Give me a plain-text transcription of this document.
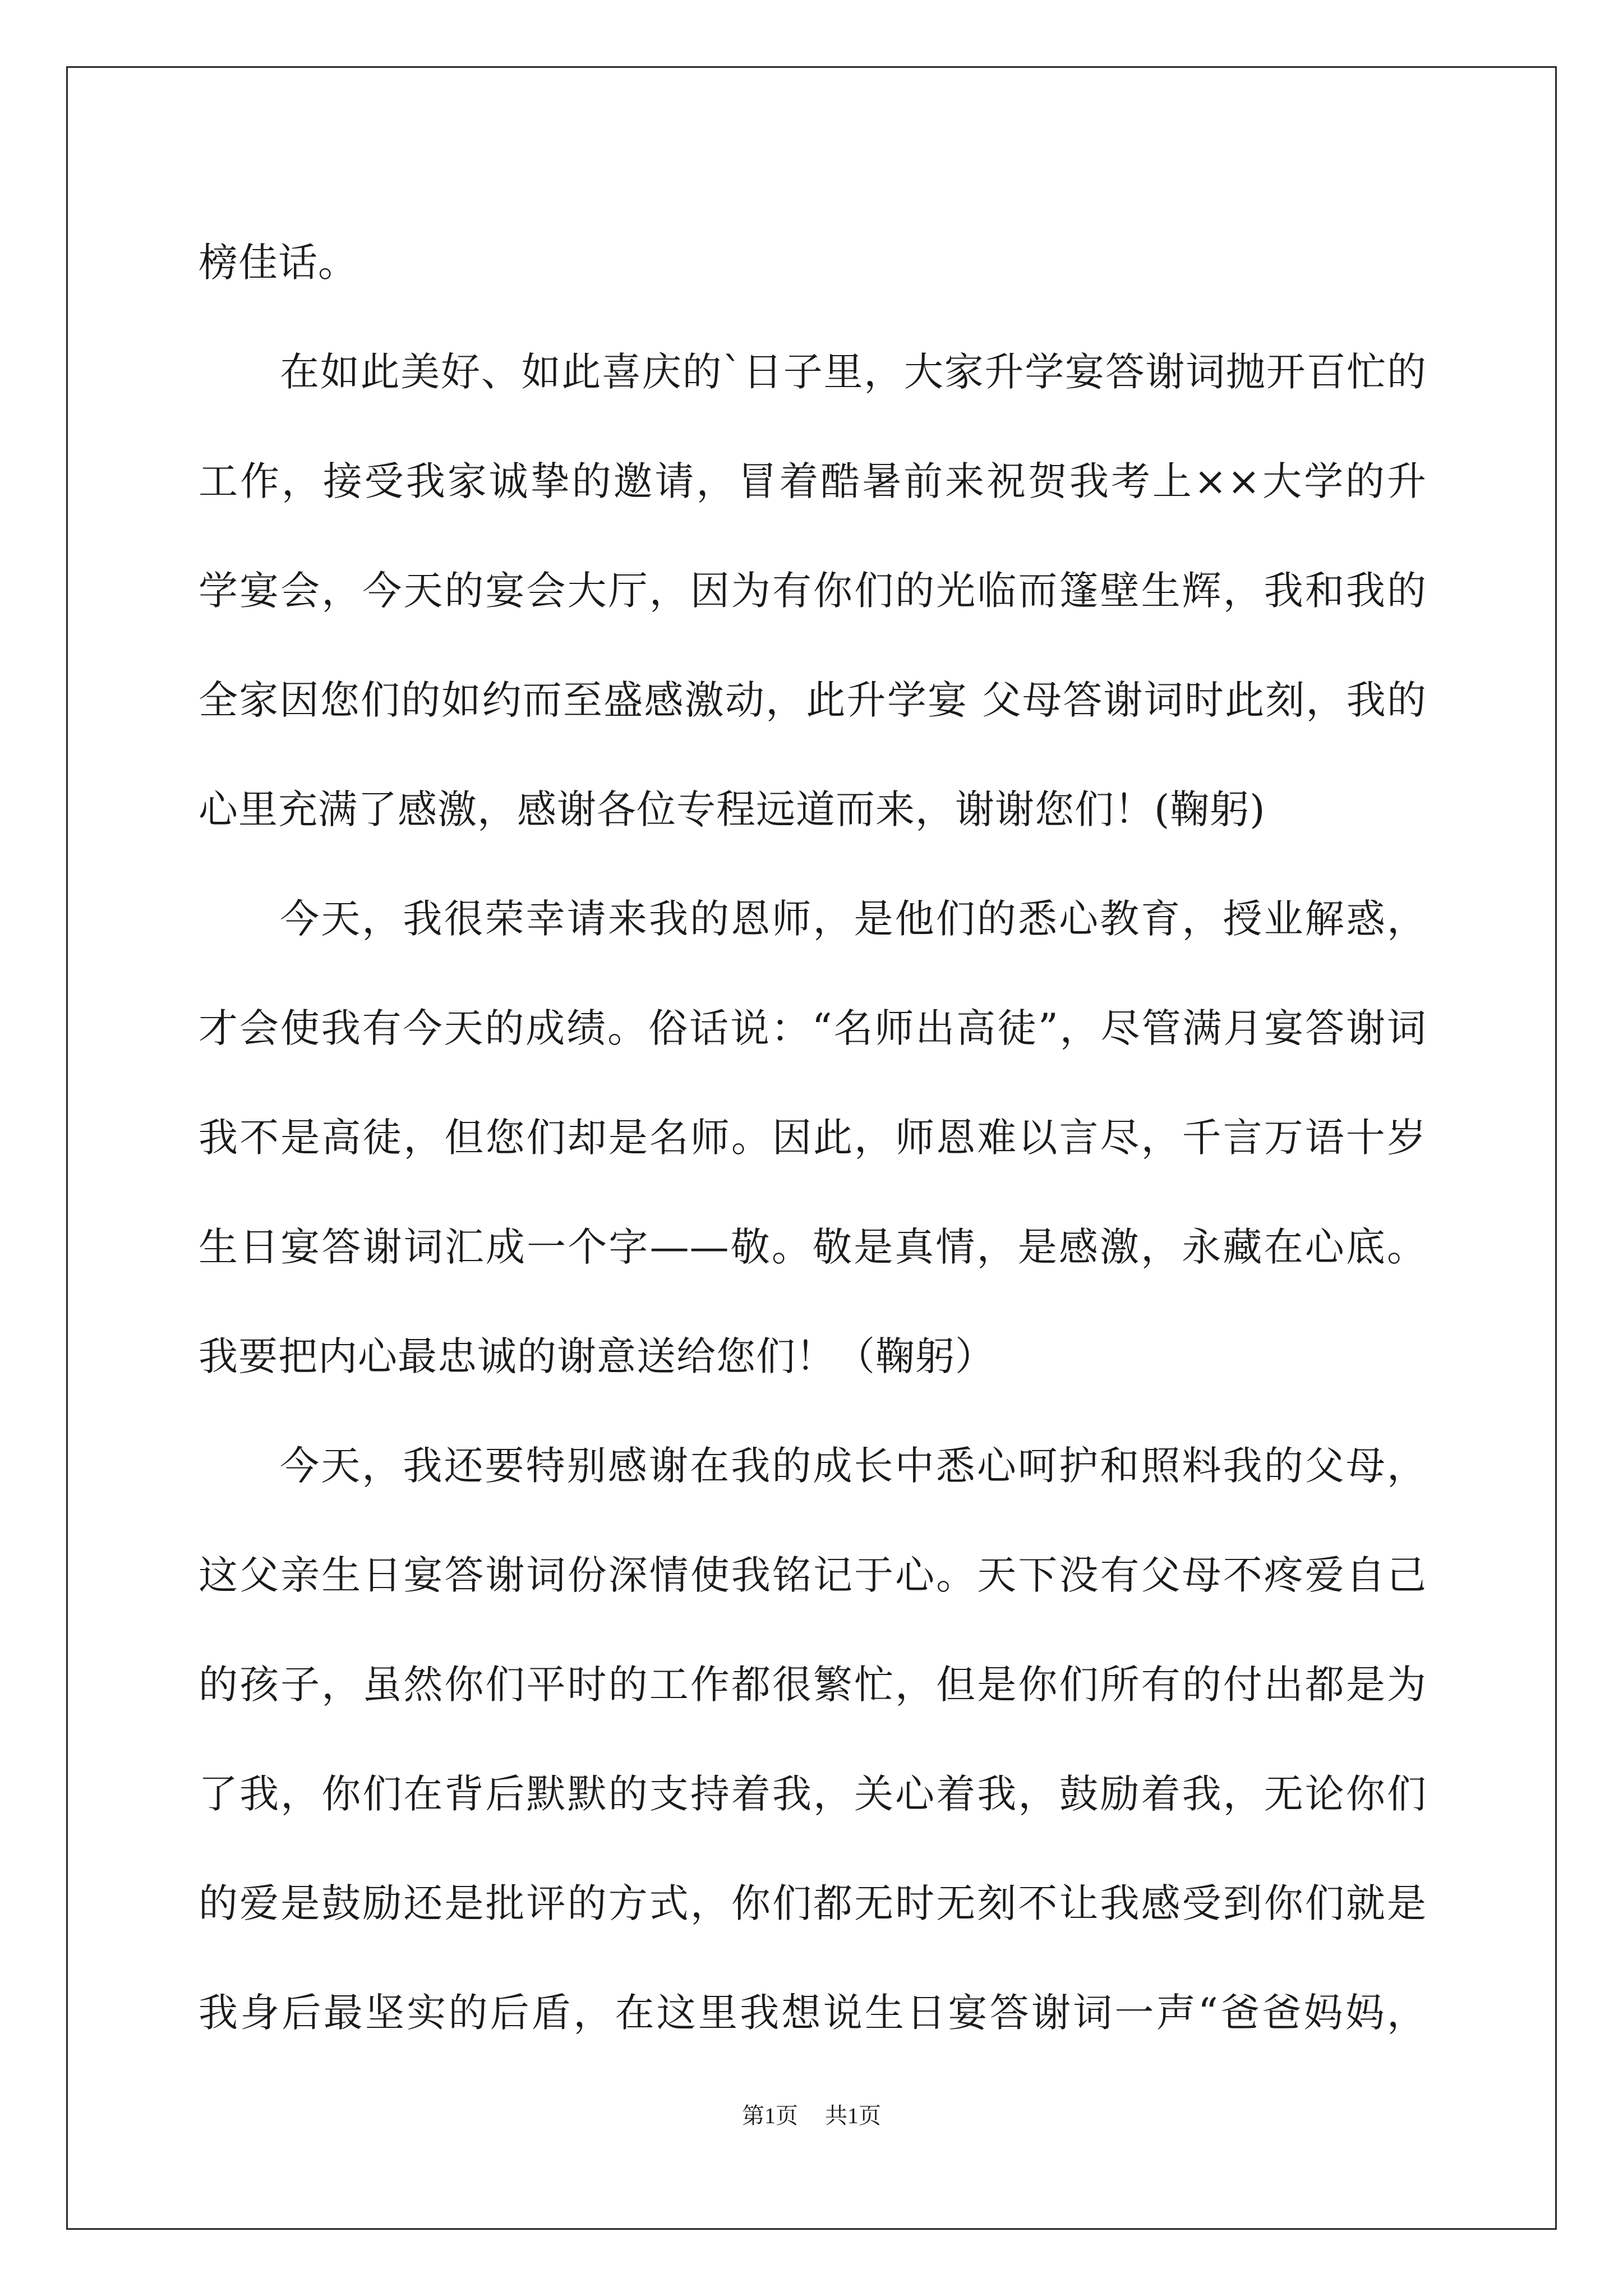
榜佳话。
在如此美好、如此喜庆的`日子里，大家升学宴答谢词抛开百忙的
工作，接受我家诚挚的邀请，冒着酷暑前来祝贺我考上××大学的升
学宴会，今天的宴会大厅，因为有你们的光临而篷壁生辉，我和我的
全家因您们的如约而至盛感激动，此升学宴 父母答谢词时此刻，我的
心里充满了感激，感谢各位专程远道而来，谢谢您们！(鞠躬)
今天，我很荣幸请来我的恩师，是他们的悉心教育，授业解惑，
才会使我有今天的成绩。俗话说：“名师出高徒”，尽管满月宴答谢词
我不是高徒，但您们却是名师。因此，师恩难以言尽，千言万语十岁
生日宴答谢词汇成一个字——敬。敬是真情，是感激，永藏在心底。
我要把内心最忠诚的谢意送给您们！（鞠躬）
今天，我还要特别感谢在我的成长中悉心呵护和照料我的父母，
这父亲生日宴答谢词份深情使我铭记于心。天下没有父母不疼爱自己
的孩子，虽然你们平时的工作都很繁忙，但是你们所有的付出都是为
了我，你们在背后默默的支持着我，关心着我，鼓励着我，无论你们
的爱是鼓励还是批评的方式，你们都无时无刻不让我感受到你们就是
我身后最坚实的后盾，在这里我想说生日宴答谢词一声“爸爸妈妈，
第1页 共1页
